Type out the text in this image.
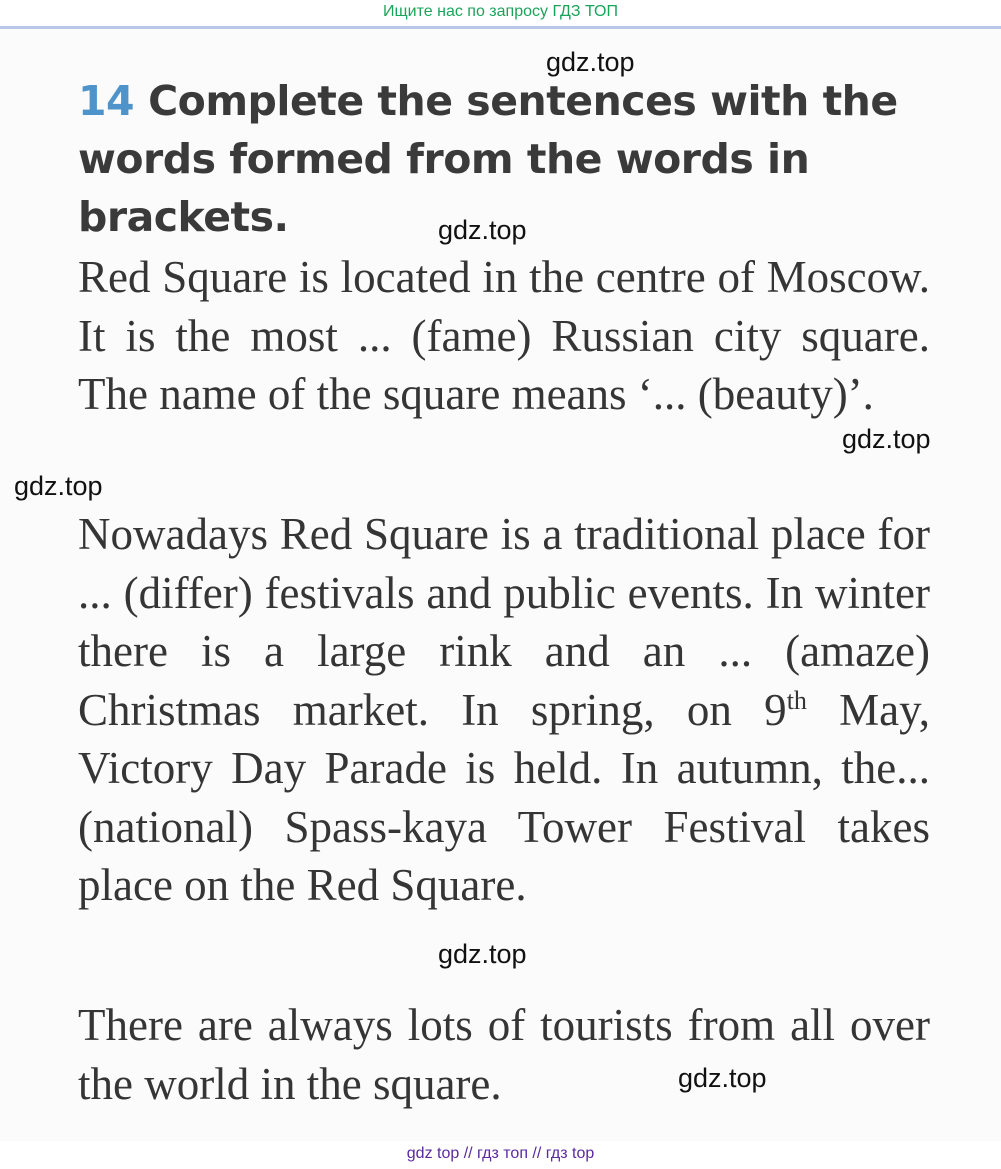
Ищите нас по запросу ГДЗ ТОП
14 Complete the sentences with the words formed from the words in brackets.

Red Square is located in the centre of Moscow. It is the most ... (fame) Russian city square. The name of the square means ‘... (beauty)’.

Nowadays Red Square is a traditional place for ... (differ) festivals and public events. In winter there is a large rink and an ... (amaze) Christmas market. In spring, on 9th May, Victory Day Parade is held. In autumn, the... (national) Spass-kaya Tower Festival takes place on the Red Square.

There are always lots of tourists from all over the world in the square.

gdz.top
gdz.top
gdz.top
gdz.top
gdz.top
gdz.top
gdz top // гдз топ // гдз top
